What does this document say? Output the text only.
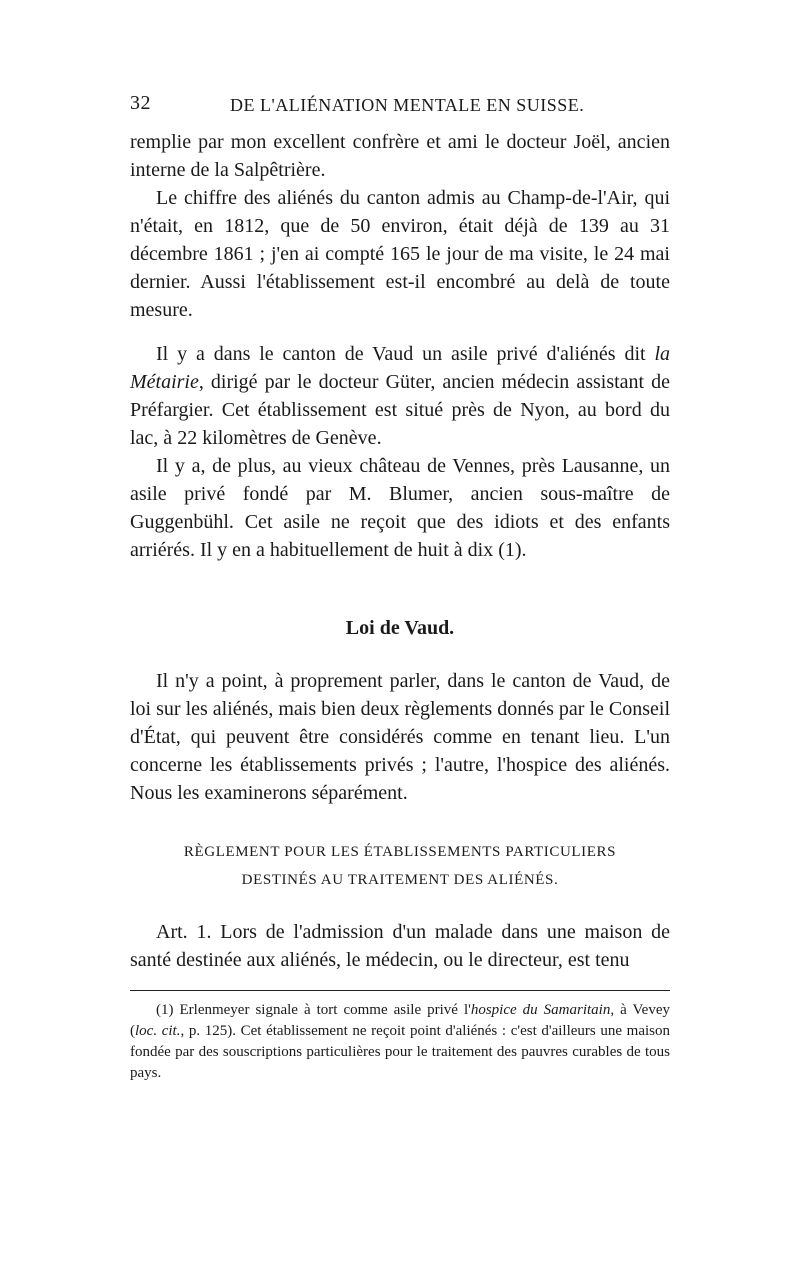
32	DE L'ALIÉNATION MENTALE EN SUISSE.

remplie par mon excellent confrère et ami le docteur Joël, ancien interne de la Salpêtrière.

Le chiffre des aliénés du canton admis au Champ-de-l'Air, qui n'était, en 1812, que de 50 environ, était déjà de 139 au 31 décembre 1861 ; j'en ai compté 165 le jour de ma visite, le 24 mai dernier. Aussi l'établissement est-il encombré au delà de toute mesure.

Il y a dans le canton de Vaud un asile privé d'aliénés dit la Métairie, dirigé par le docteur Güter, ancien médecin assistant de Préfargier. Cet établissement est situé près de Nyon, au bord du lac, à 22 kilomètres de Genève.

Il y a, de plus, au vieux château de Vennes, près Lausanne, un asile privé fondé par M. Blumer, ancien sous-maître de Guggenbühl. Cet asile ne reçoit que des idiots et des enfants arriérés. Il y en a habituellement de huit à dix (1).

Loi de Vaud.

Il n'y a point, à proprement parler, dans le canton de Vaud, de loi sur les aliénés, mais bien deux règlements donnés par le Conseil d'État, qui peuvent être considérés comme en tenant lieu. L'un concerne les établissements privés ; l'autre, l'hospice des aliénés. Nous les examinerons séparément.

RÈGLEMENT POUR LES ÉTABLISSEMENTS PARTICULIERS
DESTINÉS AU TRAITEMENT DES ALIÉNÉS.

Art. 1. Lors de l'admission d'un malade dans une maison de santé destinée aux aliénés, le médecin, ou le directeur, est tenu

(1) Erlenmeyer signale à tort comme asile privé l'hospice du Samaritain, à Vevey (loc. cit., p. 125). Cet établissement ne reçoit point d'aliénés : c'est d'ailleurs une maison fondée par des souscriptions particulières pour le traitement des pauvres curables de tous pays.
